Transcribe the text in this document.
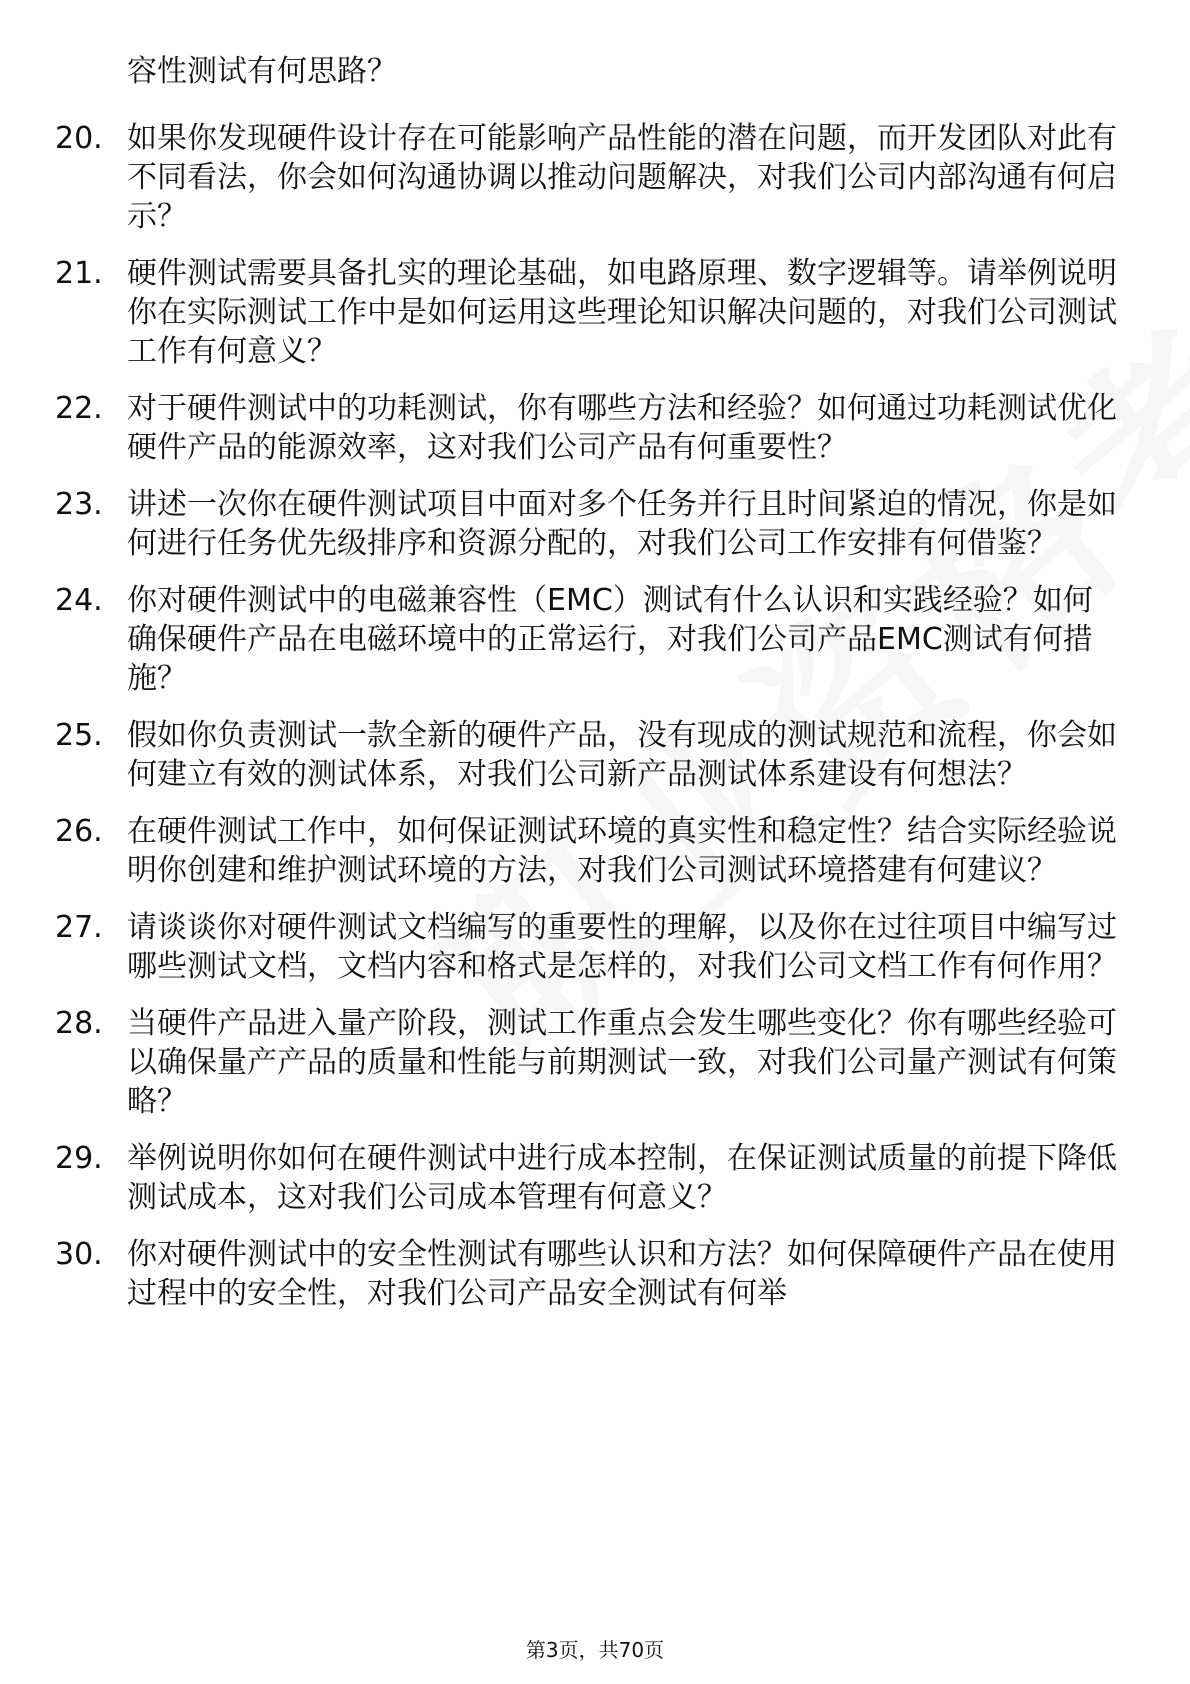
容性测试有何思路？
20. 如果你发现硬件设计存在可能影响产品性能的潜在问题，而开发团队对此有不同看法，你会如何沟通协调以推动问题解决，对我们公司内部沟通有何启示？
21. 硬件测试需要具备扎实的理论基础，如电路原理、数字逻辑等。请举例说明你在实际测试工作中是如何运用这些理论知识解决问题的，对我们公司测试工作有何意义？
22. 对于硬件测试中的功耗测试，你有哪些方法和经验？如何通过功耗测试优化硬件产品的能源效率，这对我们公司产品有何重要性？
23. 讲述一次你在硬件测试项目中面对多个任务并行且时间紧迫的情况，你是如何进行任务优先级排序和资源分配的，对我们公司工作安排有何借鉴？
24. 你对硬件测试中的电磁兼容性（EMC）测试有什么认识和实践经验？如何确保硬件产品在电磁环境中的正常运行，对我们公司产品EMC测试有何措施？
25. 假如你负责测试一款全新的硬件产品，没有现成的测试规范和流程，你会如何建立有效的测试体系，对我们公司新产品测试体系建设有何想法？
26. 在硬件测试工作中，如何保证测试环境的真实性和稳定性？结合实际经验说明你创建和维护测试环境的方法，对我们公司测试环境搭建有何建议？
27. 请谈谈你对硬件测试文档编写的重要性的理解，以及你在过往项目中编写过哪些测试文档，文档内容和格式是怎样的，对我们公司文档工作有何作用？
28. 当硬件产品进入量产阶段，测试工作重点会发生哪些变化？你有哪些经验可以确保量产产品的质量和性能与前期测试一致，对我们公司量产测试有何策略？
29. 举例说明你如何在硬件测试中进行成本控制，在保证测试质量的前提下降低测试成本，这对我们公司成本管理有何意义？
30. 你对硬件测试中的安全性测试有哪些认识和方法？如何保障硬件产品在使用过程中的安全性，对我们公司产品安全测试有何举
第3页，共70页
